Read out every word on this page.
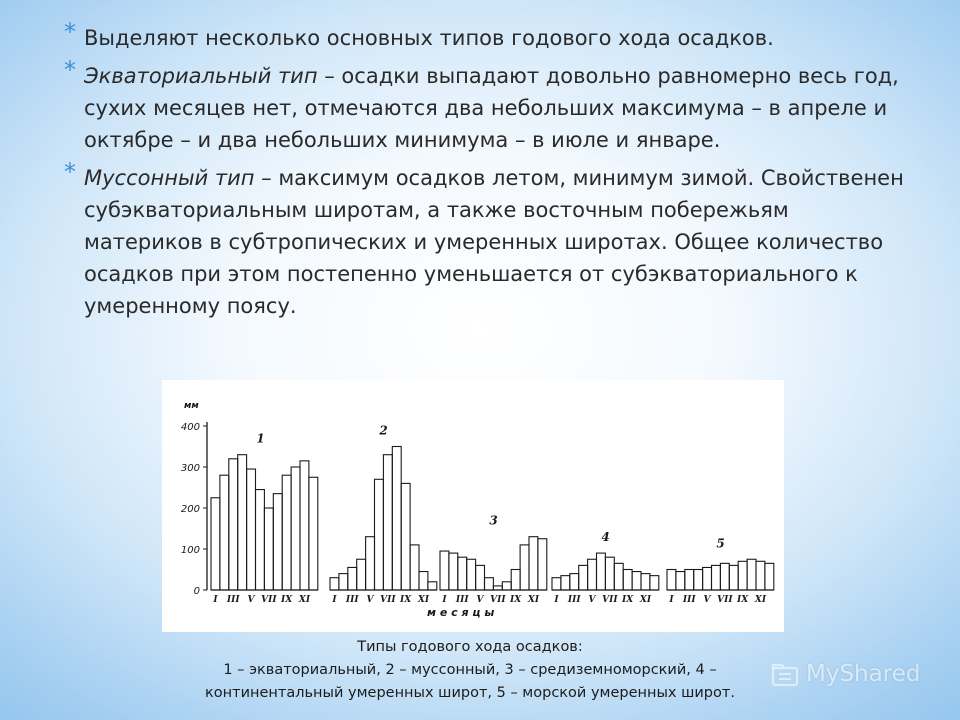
* Выделяют несколько основных типов годового хода осадков.
* Экваториальный тип – осадки выпадают довольно равномерно весь год, сухих месяцев нет, отмечаются два небольших максимума – в апреле и октябре – и два небольших минимума – в июле и январе.
* Муссонный тип – максимум осадков летом, минимум зимой. Свойственен субэкваториальным широтам, а также восточным побережьям материков в субтропических и умеренных широтах. Общее количество осадков при этом постепенно уменьшается от субэкваториального к умеренному поясу.
мм
0
100
200
300
400
1
I III V VII IX XI
2
I III V VII IX XI
3
I III V VII IX XI
4
I III V VII IX XI
5
I III V VII IX XI
м е с я ц ы
Типы годового хода осадков:
1 – экваториальный, 2 – муссонный, 3 – средиземноморский, 4 –
континентальный умеренных широт, 5 – морской умеренных широт.
MyShared
